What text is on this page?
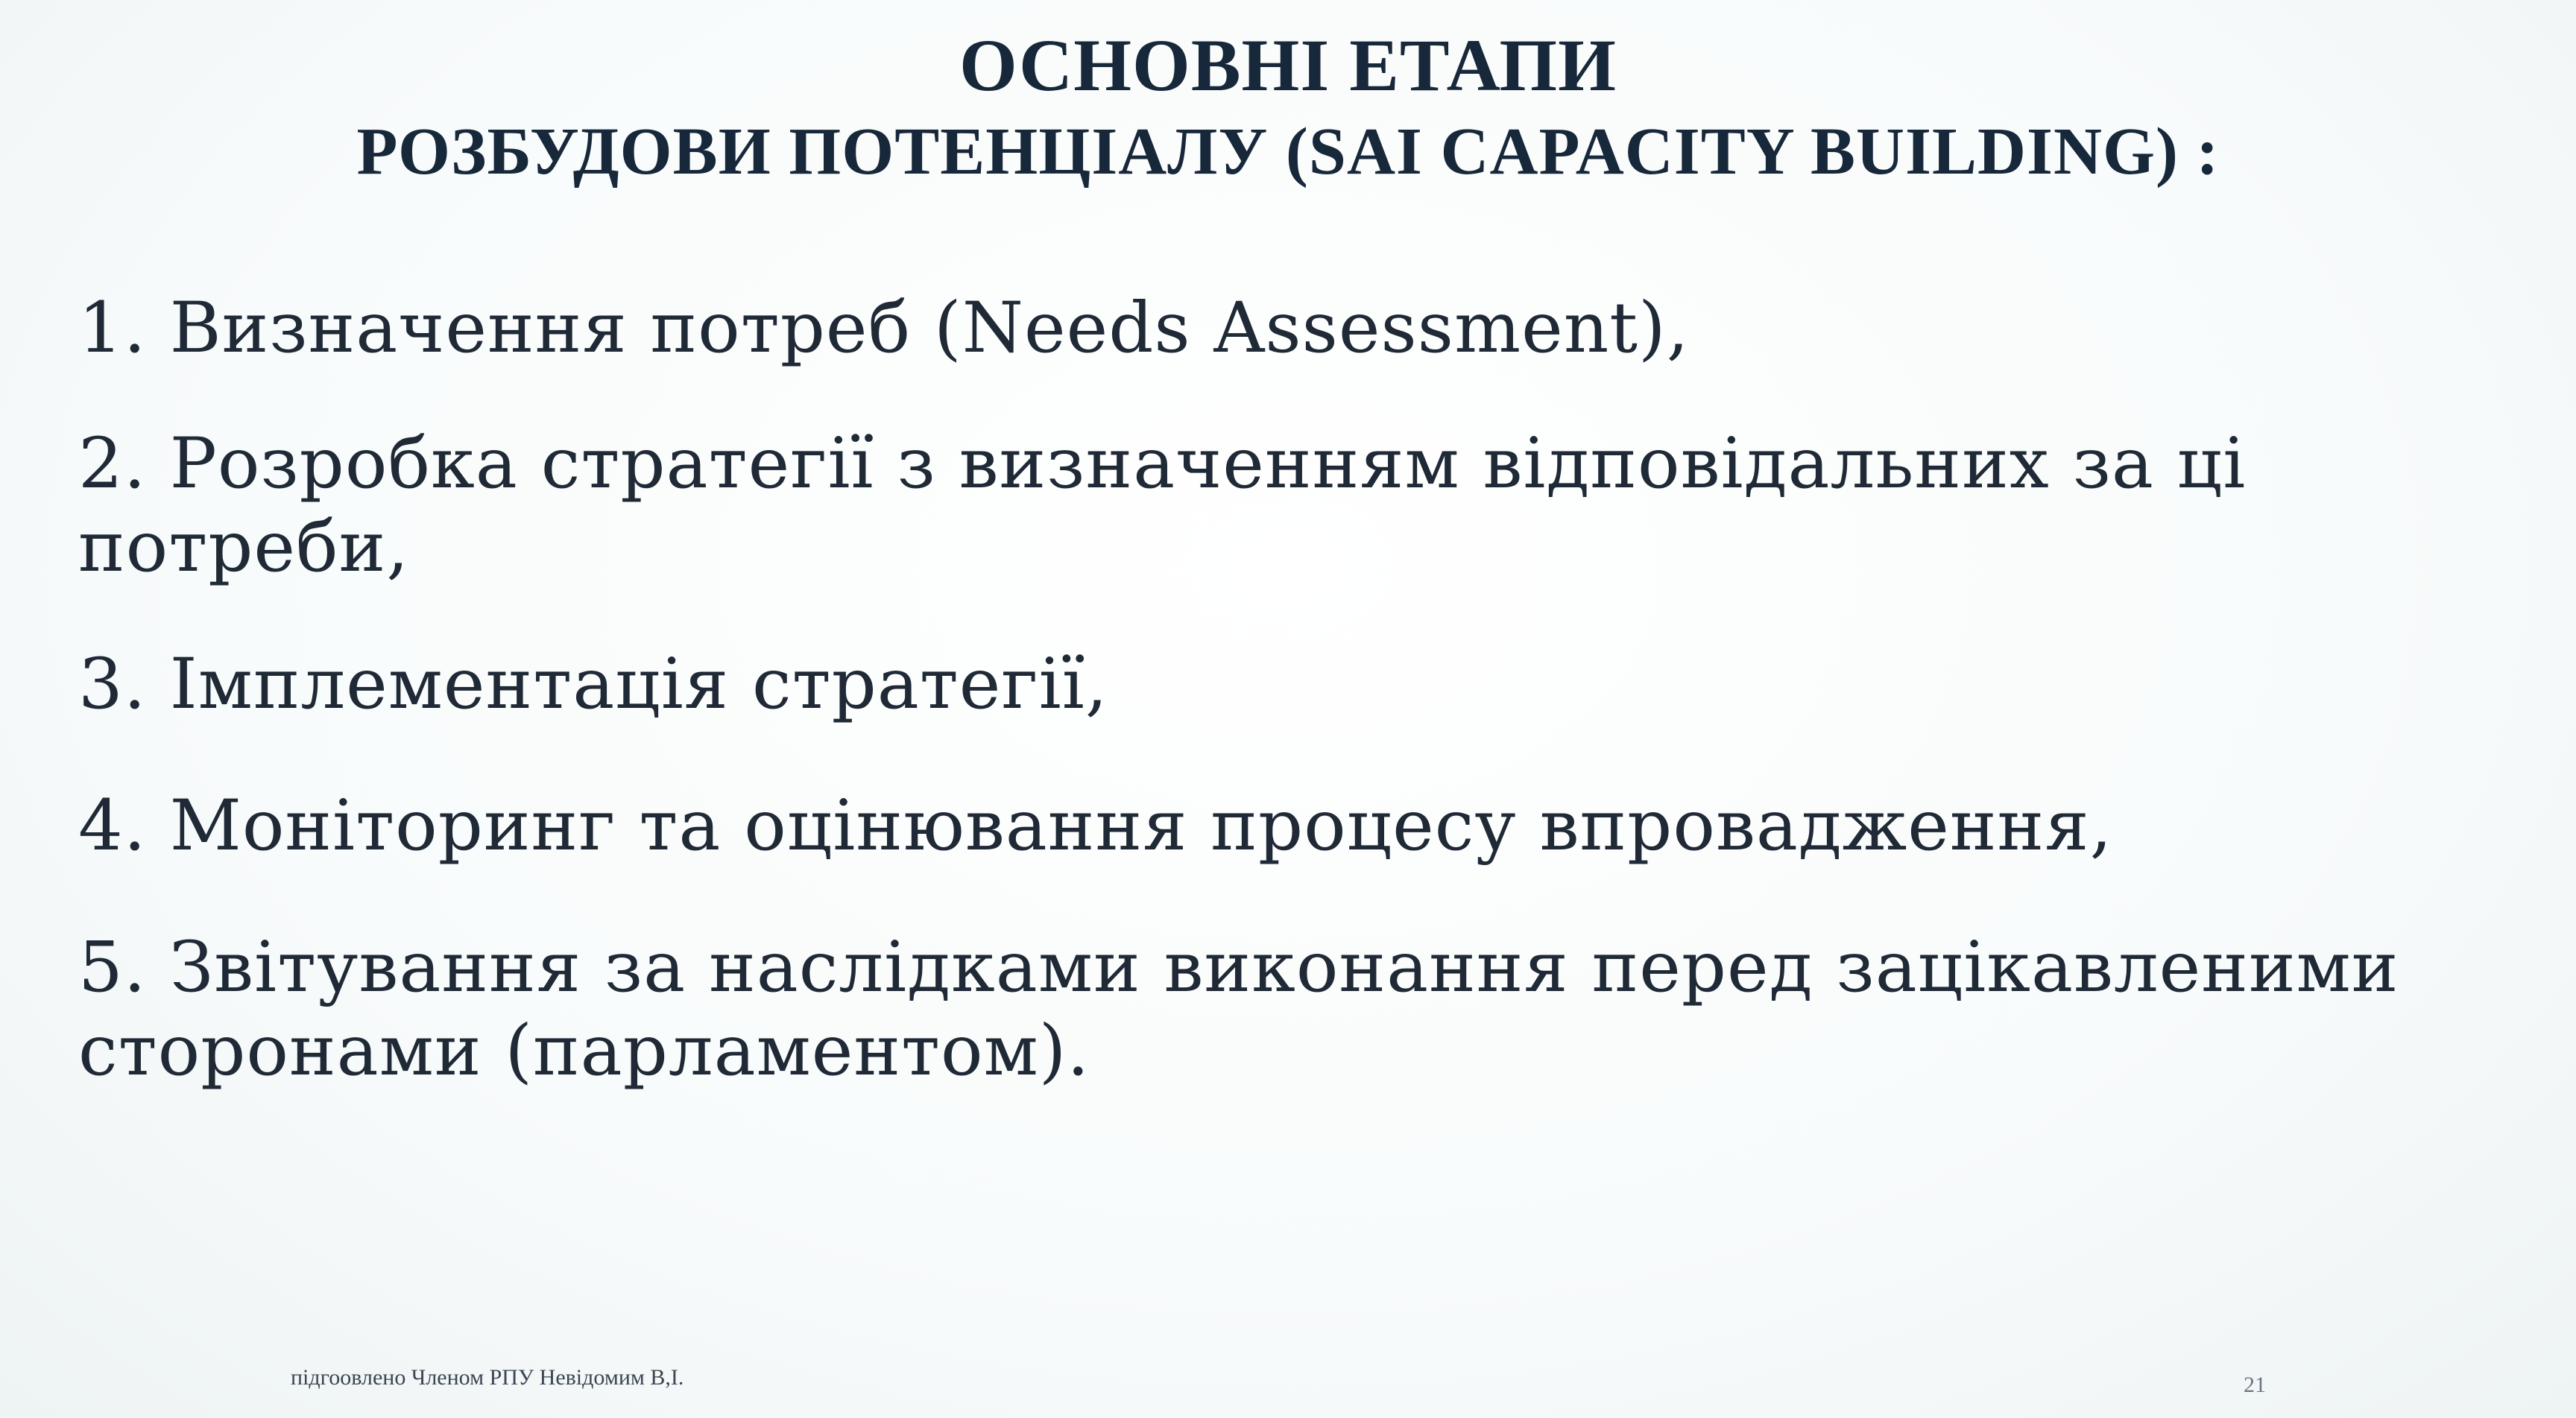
ОСНОВНІ ЕТАПИ
РОЗБУДОВИ ПОТЕНЦІАЛУ (SAI CAPACITY BUILDING) :
1. Визначення потреб (Needs Assessment),
2. Розробка стратегії з визначенням відповідальних за ці потреби,
3. Імплементація стратегії,
4. Моніторинг та оцінювання процесу впровадження,
5. Звітування за наслідками виконання перед зацікавленими сторонами (парламентом).
підгоовлено Членом РПУ Невідомим В,І.	21
